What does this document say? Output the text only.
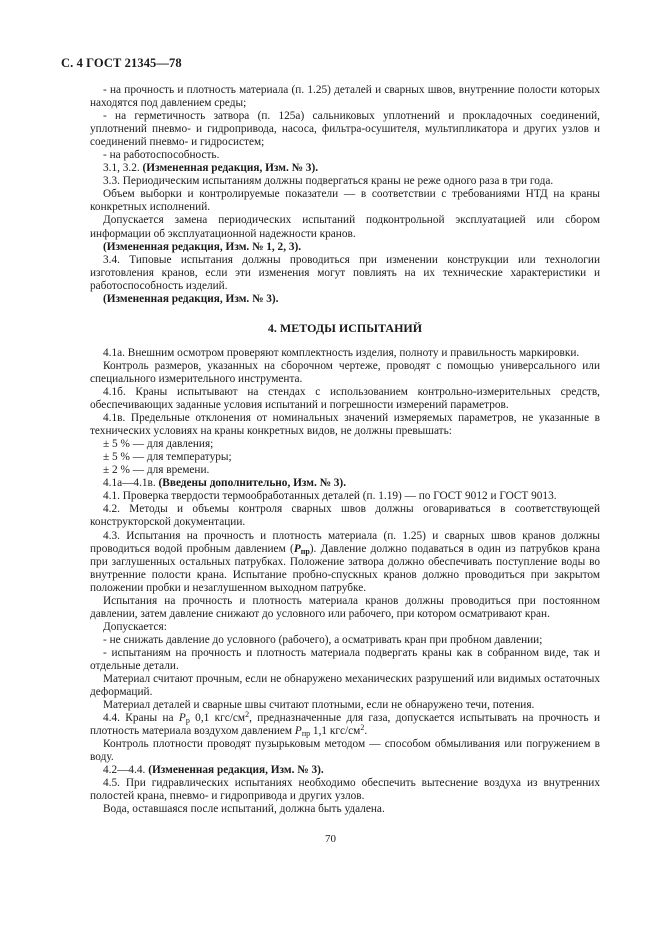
С. 4 ГОСТ 21345—78

- на прочность и плотность материала (п. 1.25) деталей и сварных швов, внутренние полости которых находятся под давлением среды;

- на герметичность затвора (п. 125а) сальниковых уплотнений и прокладочных соединений, уплотнений пневмо- и гидропривода, насоса, фильтра-осушителя, мультипликатора и других узлов и соединений пневмо- и гидросистем;

- на работоспособность.

3.1, 3.2. (Измененная редакция, Изм. № 3).

3.3. Периодическим испытаниям должны подвергаться краны не реже одного раза в три года.

Объем выборки и контролируемые показатели — в соответствии с требованиями НТД на краны конкретных исполнений.

Допускается замена периодических испытаний подконтрольной эксплуатацией или сбором информации об эксплуатационной надежности кранов.

(Измененная редакция, Изм. № 1, 2, 3).

3.4. Типовые испытания должны проводиться при изменении конструкции или технологии изготовления кранов, если эти изменения могут повлиять на их технические характеристики и работоспособность изделий.

(Измененная редакция, Изм. № 3).

4. МЕТОДЫ ИСПЫТАНИЙ

4.1а. Внешним осмотром проверяют комплектность изделия, полноту и правильность маркировки.

Контроль размеров, указанных на сборочном чертеже, проводят с помощью универсального или специального измерительного инструмента.

4.1б. Краны испытывают на стендах с использованием контрольно-измерительных средств, обеспечивающих заданные условия испытаний и погрешности измерений параметров.

4.1в. Предельные отклонения от номинальных значений измеряемых параметров, не указанные в технических условиях на краны конкретных видов, не должны превышать:

± 5 % — для давления;

± 5 % — для температуры;

± 2 % — для времени.

4.1а—4.1в. (Введены дополнительно, Изм. № 3).

4.1. Проверка твердости термообработанных деталей (п. 1.19) — по ГОСТ 9012 и ГОСТ 9013.

4.2. Методы и объемы контроля сварных швов должны оговариваться в соответствующей конструкторской документации.

4.3. Испытания на прочность и плотность материала (п. 1.25) и сварных швов кранов должны проводиться водой пробным давлением $(P_{пр})$. Давление должно подаваться в один из патрубков крана при заглушенных остальных патрубках. Положение затвора должно обеспечивать поступление воды во внутренние полости крана. Испытание пробно-спускных кранов должно проводиться при закрытом положении пробки и незаглушенном выходном патрубке.

Испытания на прочность и плотность материала кранов должны проводиться при постоянном давлении, затем давление снижают до условного или рабочего, при котором осматривают кран.

Допускается:

- не снижать давление до условного (рабочего), а осматривать кран при пробном давлении;

- испытаниям на прочность и плотность материала подвергать краны как в собранном виде, так и отдельные детали.

Материал считают прочным, если не обнаружено механических разрушений или видимых остаточных деформаций.

Материал деталей и сварные швы считают плотными, если не обнаружено течи, потения.

4.4. Краны на $P_р$ 0,1 кгс/$см^2$, предназначенные для газа, допускается испытывать на прочность и плотность материала воздухом давлением $P_{пр}$ 1,1 кгс/$см^2$.

Контроль плотности проводят пузырьковым методом — способом обмыливания или погружением в воду.

4.2—4.4. (Измененная редакция, Изм. № 3).

4.5. При гидравлических испытаниях необходимо обеспечить вытеснение воздуха из внутренних полостей крана, пневмо- и гидропривода и других узлов.

Вода, оставшаяся после испытаний, должна быть удалена.

70
